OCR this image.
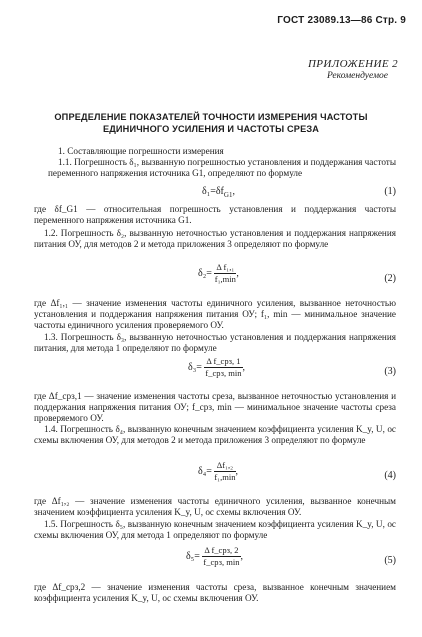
ГОСТ 23089.13—86 Стр. 9
ПРИЛОЖЕНИЕ 2
Рекомендуемое
ОПРЕДЕЛЕНИЕ ПОКАЗАТЕЛЕЙ ТОЧНОСТИ ИЗМЕРЕНИЯ ЧАСТОТЫ
ЕДИНИЧНОГО УСИЛЕНИЯ И ЧАСТОТЫ СРЕЗА
1. Составляющие погрешности измерения
1.1. Погрешность δ₁, вызванную погрешностью установления и поддержания частоты переменного напряжения источника G1, определяют по формуле
$\delta_1=\delta f_{G1}$,	(1)
где δf_G1 — относительная погрешность установления и поддержания частоты переменного напряжения источника G1.
1.2. Погрешность δ₂, вызванную неточностью установления и поддержания напряжения питания ОУ, для методов 2 и метода приложения 3 определяют по формуле
$\delta_2= \frac{\text{Δ f₁,₁}}{\text{f₁,min}}$ ,	(2)
где Δf₁,₁ — значение изменения частоты единичного усиления, вызванное неточностью установления и поддержания напряжения питания ОУ; f₁, min — минимальное значение частоты единичного усиления проверяемого ОУ.
1.3. Погрешность δ₃, вызванную неточностью установления и поддержания напряжения питания, для метода 1 определяют по формуле
$\delta_3= \frac{\text{Δ f\_срз, 1}}{\text{f\_срз, min}}$ ,	(3)
где Δf_срз,1 — значение изменения частоты среза, вызванное неточностью установления и поддержания напряжения питания ОУ; f_срз, min — минимальное значение частоты среза проверяемого ОУ.
1.4. Погрешность δ₄, вызванную конечным значением коэффициента усиления K_y, U, oc схемы включения ОУ, для методов 2 и метода приложения 3 определяют по формуле
$\delta_4= \frac{\text{Δf₁,₂}}{\text{f₁,min}}$ ,	(4)
где Δf₁,₂ — значение изменения частоты единичного усиления, вызванное конечным значением коэффициента усиления K_y, U, oc схемы включения ОУ.
1.5. Погрешность δ₅, вызванную конечным значением коэффициента усиления K_y, U, oc схемы включения ОУ, для метода 1 определяют по формуле
$\delta_5= \frac{\text{Δ f\_срз, 2}}{\text{f\_срз, min}}$ ,	(5)
где Δf_срз,2 — значение изменения частоты среза, вызванное конечным значением коэффициента усиления K_y, U, oc схемы включения ОУ.
